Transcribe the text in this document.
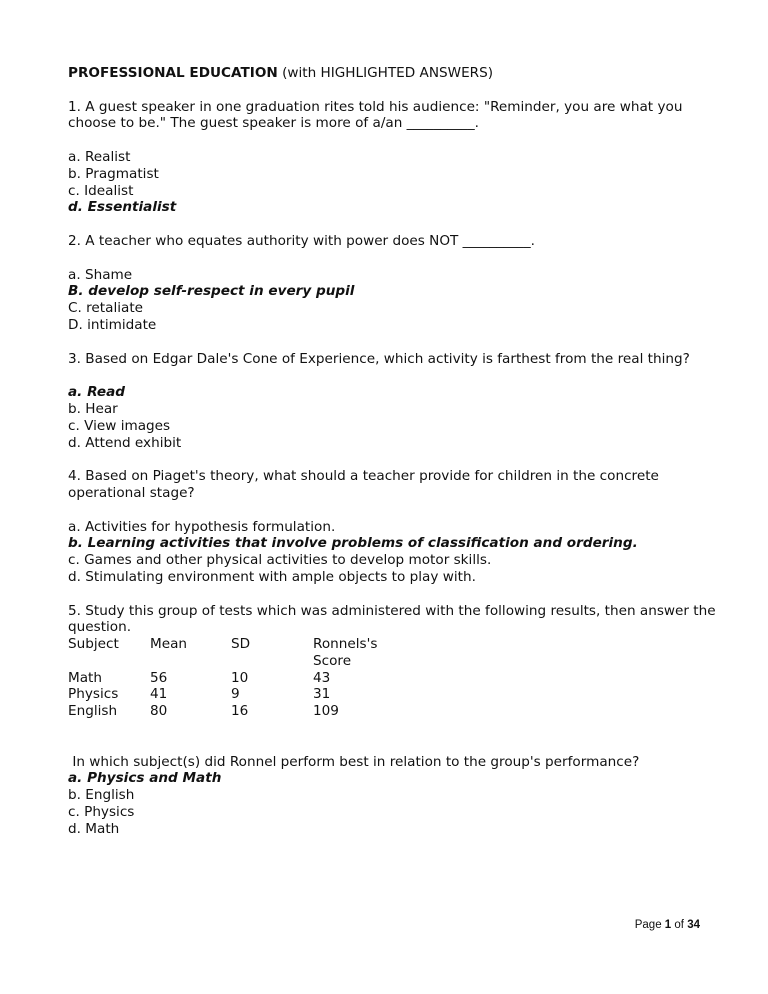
PROFESSIONAL EDUCATION (with HIGHLIGHTED ANSWERS)
1. A guest speaker in one graduation rites told his audience: "Reminder, you are what you choose to be." The guest speaker is more of a/an __________.
a. Realist
b. Pragmatist
c. Idealist
d. Essentialist
2. A teacher who equates authority with power does NOT __________.
a. Shame
B. develop self-respect in every pupil
C. retaliate
D. intimidate
3. Based on Edgar Dale's Cone of Experience, which activity is farthest from the real thing?
a. Read
b. Hear
c. View images
d. Attend exhibit
4. Based on Piaget's theory, what should a teacher provide for children in the concrete operational stage?
a. Activities for hypothesis formulation.
b. Learning activities that involve problems of classification and ordering.
c. Games and other physical activities to develop motor skills.
d. Stimulating environment with ample objects to play with.
5. Study this group of tests which was administered with the following results, then answer the question.
Subject	Mean	SD	Ronnels's Score
Math	56	10	43
Physics	41	9	31
English	80	16	109
In which subject(s) did Ronnel perform best in relation to the group's performance?
a. Physics and Math
b. English
c. Physics
d. Math
Page 1 of 34
